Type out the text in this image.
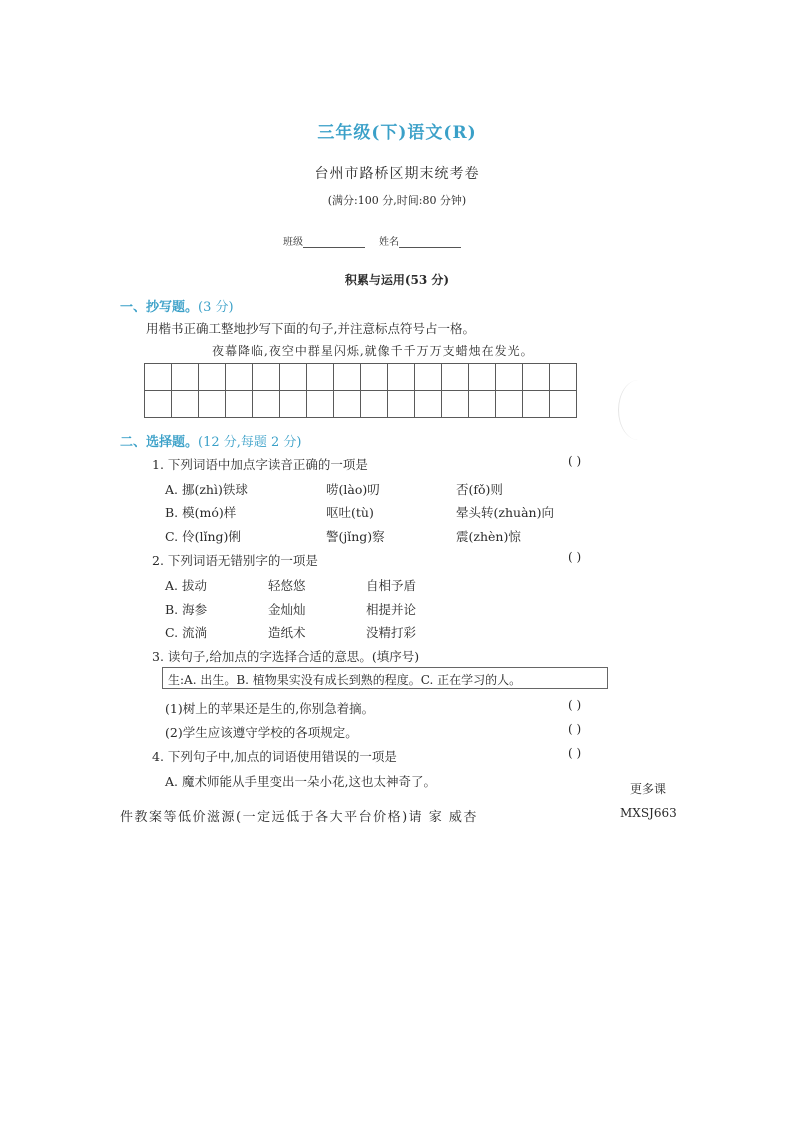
三年级(下)语文(R)
台州市路桥区期末统考卷
(满分:100 分,时间:80 分钟)
班级	姓名
积累与运用(53 分)
一、抄写题。(3 分)
用楷书正确工整地抄写下面的句子,并注意标点符号占一格。
夜幕降临,夜空中群星闪烁,就像千千万万支蜡烛在发光。

二、选择题。(12 分,每题 2 分)
1. 下列词语中加点字读音正确的一项是	( )
A. 挪(zhì)铁球	唠(lào)叨	否(fǒ)则
B. 模(mó)样	呕吐(tù)	晕头转(zhuàn)向
C. 伶(lǐng)俐	警(jǐng)察	震(zhèn)惊
2. 下列词语无错别字的一项是	( )
A. 拔动	轻悠悠	自相予盾
B. 海参	金灿灿	相提并论
C. 流淌	造纸术	没精打彩
3. 读句子,给加点的字选择合适的意思。(填序号)
生:A. 出生。B. 植物果实没有成长到熟的程度。C. 正在学习的人。
(1)树上的苹果还是生的,你别急着摘。	( )
(2)学生应该遵守学校的各项规定。	( )
4. 下列句子中,加点的词语使用错误的一项是	( )
A. 魔术师能从手里变出一朵小花,这也太神奇了。	更多课
件教案等低价滋源(一定远低于各大平台价格)请 家 威杏	MXSJ663
